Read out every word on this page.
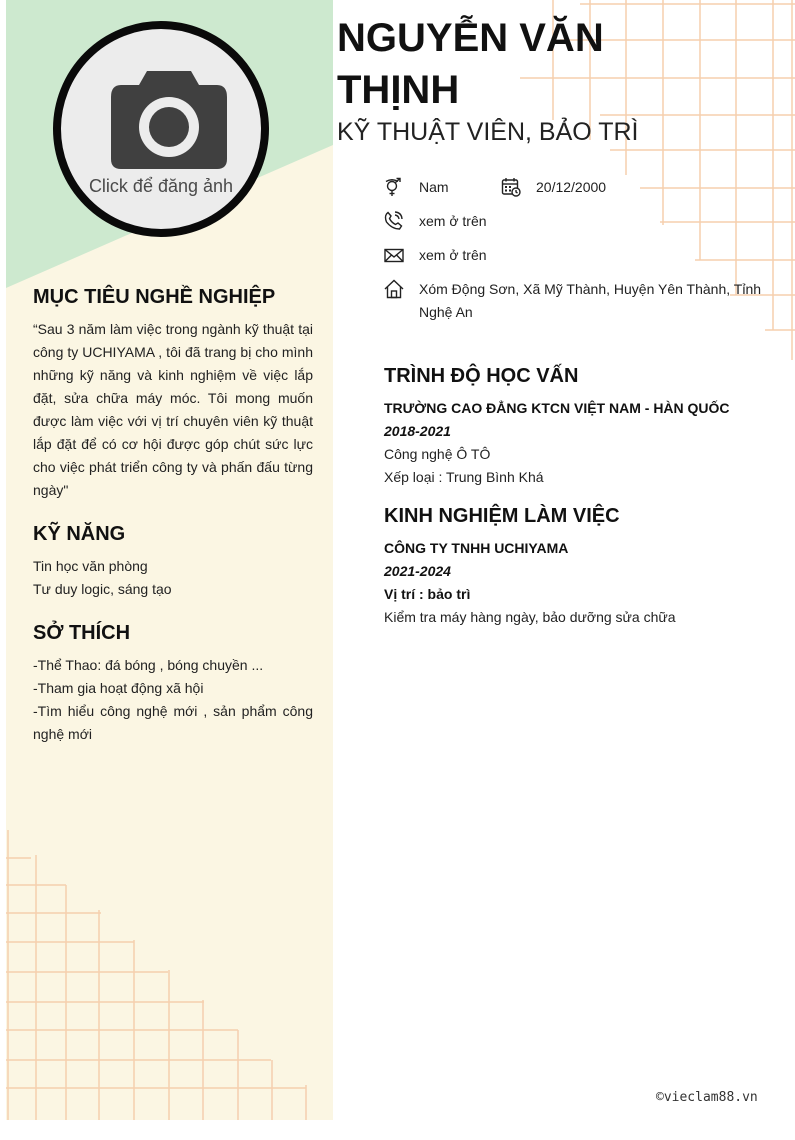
Click để đăng ảnh
NGUYỄN VĂN
THỊNH
KỸ THUẬT VIÊN, BẢO TRÌ
Nam	20/12/2000
xem ở trên
xem ở trên
Xóm Động Sơn, Xã Mỹ Thành, Huyện Yên Thành, Tỉnh
Nghệ An
MỤC TIÊU NGHỀ NGHIỆP
“Sau 3 năm làm việc trong ngành kỹ thuật tại công ty UCHIYAMA , tôi đã trang bị cho mình những kỹ năng và kinh nghiệm về việc lắp đặt, sửa chữa máy móc. Tôi mong muốn được làm việc với vị trí chuyên viên kỹ thuật lắp đặt để có cơ hội được góp chút sức lực cho việc phát triển công ty và phấn đấu từng ngày"
KỸ NĂNG
Tin học văn phòng
Tư duy logic, sáng tạo
SỞ THÍCH
-Thể Thao: đá bóng , bóng chuyền ...
-Tham gia hoạt động xã hội
-Tìm hiểu công nghệ mới , sản phẩm công nghệ mới
TRÌNH ĐỘ HỌC VẤN
TRƯỜNG CAO ĐẲNG KTCN VIỆT NAM - HÀN QUỐC
2018-2021
Công nghệ Ô TÔ
Xếp loại : Trung Bình Khá
KINH NGHIỆM LÀM VIỆC
CÔNG TY TNHH UCHIYAMA
2021-2024
Vị trí : bảo trì
Kiểm tra máy hàng ngày, bảo dưỡng sửa chữa
©vieclam88.vn
